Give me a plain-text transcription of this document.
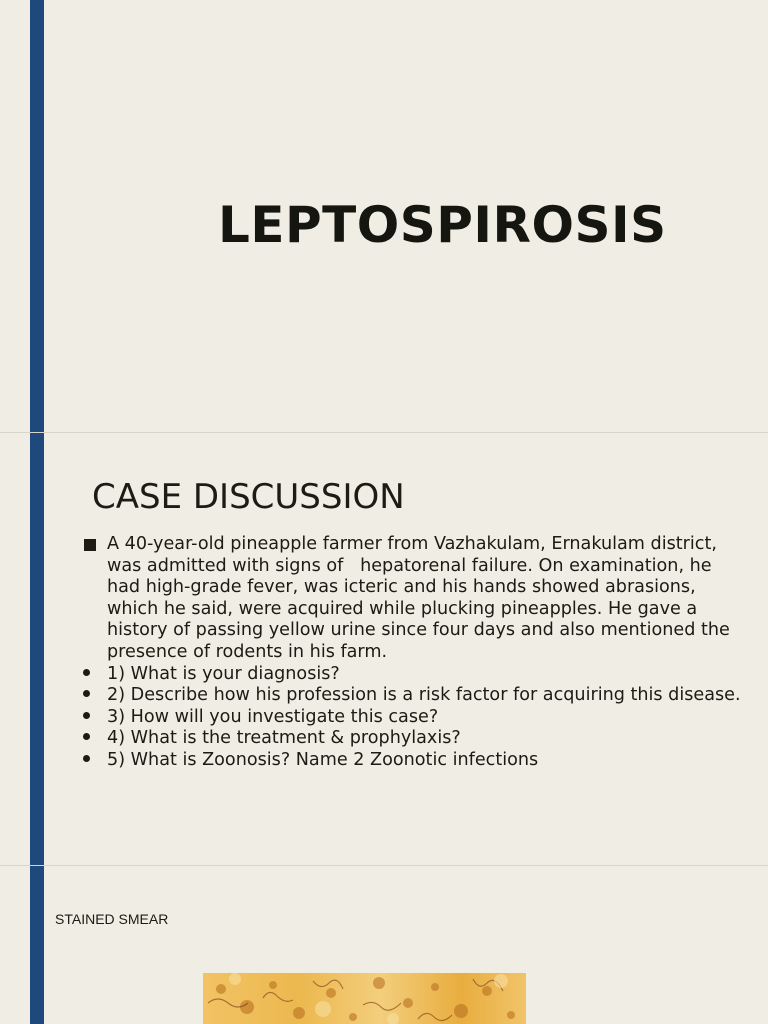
LEPTOSPIROSIS
CASE DISCUSSION

A 40-year-old pineapple farmer from Vazhakulam, Ernakulam district, was admitted with signs of   hepatorenal failure. On examination, he had high-grade fever, was icteric and his hands showed abrasions, which he said, were acquired while plucking pineapples. He gave a history of passing yellow urine since four days and also mentioned the presence of rodents in his farm.

1) What is your diagnosis?
2) Describe how his profession is a risk factor for acquiring this disease.
3) How will you investigate this case?
4) What is the treatment & prophylaxis?
5) What is Zoonosis? Name 2 Zoonotic infections

STAINED SMEAR
